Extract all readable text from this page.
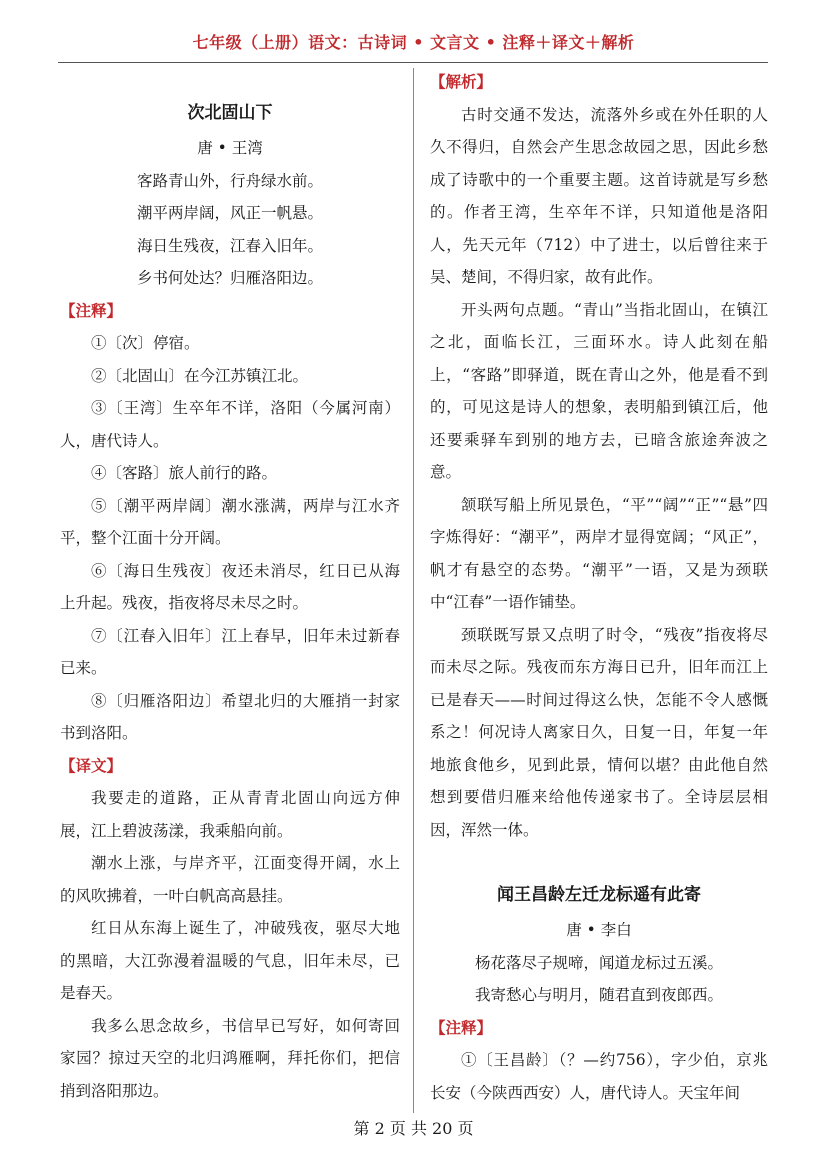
七年级（上册）语文：古诗词 • 文言文 • 注释＋译文＋解析

次北固山下

唐 • 王湾

客路青山外，行舟绿水前。

潮平两岸阔，风正一帆悬。

海日生残夜，江春入旧年。

乡书何处达？归雁洛阳边。

【注释】

①〔次〕停宿。

②〔北固山〕在今江苏镇江北。

③〔王湾〕生卒年不详，洛阳（今属河南）人，唐代诗人。

④〔客路〕旅人前行的路。

⑤〔潮平两岸阔〕潮水涨满，两岸与江水齐平，整个江面十分开阔。

⑥〔海日生残夜〕夜还未消尽，红日已从海上升起。残夜，指夜将尽未尽之时。

⑦〔江春入旧年〕江上春早，旧年未过新春已来。

⑧〔归雁洛阳边〕希望北归的大雁捎一封家书到洛阳。

【译文】

我要走的道路，正从青青北固山向远方伸展，江上碧波荡漾，我乘船向前。

潮水上涨，与岸齐平，江面变得开阔，水上的风吹拂着，一叶白帆高高悬挂。

红日从东海上诞生了，冲破残夜，驱尽大地的黑暗，大江弥漫着温暖的气息，旧年未尽，已是春天。

我多么思念故乡，书信早已写好，如何寄回家园？掠过天空的北归鸿雁啊，拜托你们，把信捎到洛阳那边。

【解析】

古时交通不发达，流落外乡或在外任职的人久不得归，自然会产生思念故园之思，因此乡愁成了诗歌中的一个重要主题。这首诗就是写乡愁的。作者王湾，生卒年不详，只知道他是洛阳人，先天元年（712）中了进士，以后曾往来于吴、楚间，不得归家，故有此作。

开头两句点题。“青山”当指北固山，在镇江之北，面临长江，三面环水。诗人此刻在船上，“客路”即驿道，既在青山之外，他是看不到的，可见这是诗人的想象，表明船到镇江后，他还要乘驿车到别的地方去，已暗含旅途奔波之意。

颔联写船上所见景色，“平”“阔”“正”“悬”四字炼得好：“潮平”，两岸才显得宽阔；“风正”，帆才有悬空的态势。“潮平”一语，又是为颈联中“江春”一语作铺垫。

颈联既写景又点明了时令，“残夜”指夜将尽而未尽之际。残夜而东方海日已升，旧年而江上已是春天——时间过得这么快，怎能不令人感慨系之！何况诗人离家日久，日复一日，年复一年地旅食他乡，见到此景，情何以堪？由此他自然想到要借归雁来给他传递家书了。全诗层层相因，浑然一体。

闻王昌龄左迁龙标遥有此寄

唐 • 李白

杨花落尽子规啼，闻道龙标过五溪。

我寄愁心与明月，随君直到夜郎西。

【注释】

①〔王昌龄〕（？—约756），字少伯，京兆长安（今陕西西安）人，唐代诗人。天宝年间

第 2 页 共 20 页
